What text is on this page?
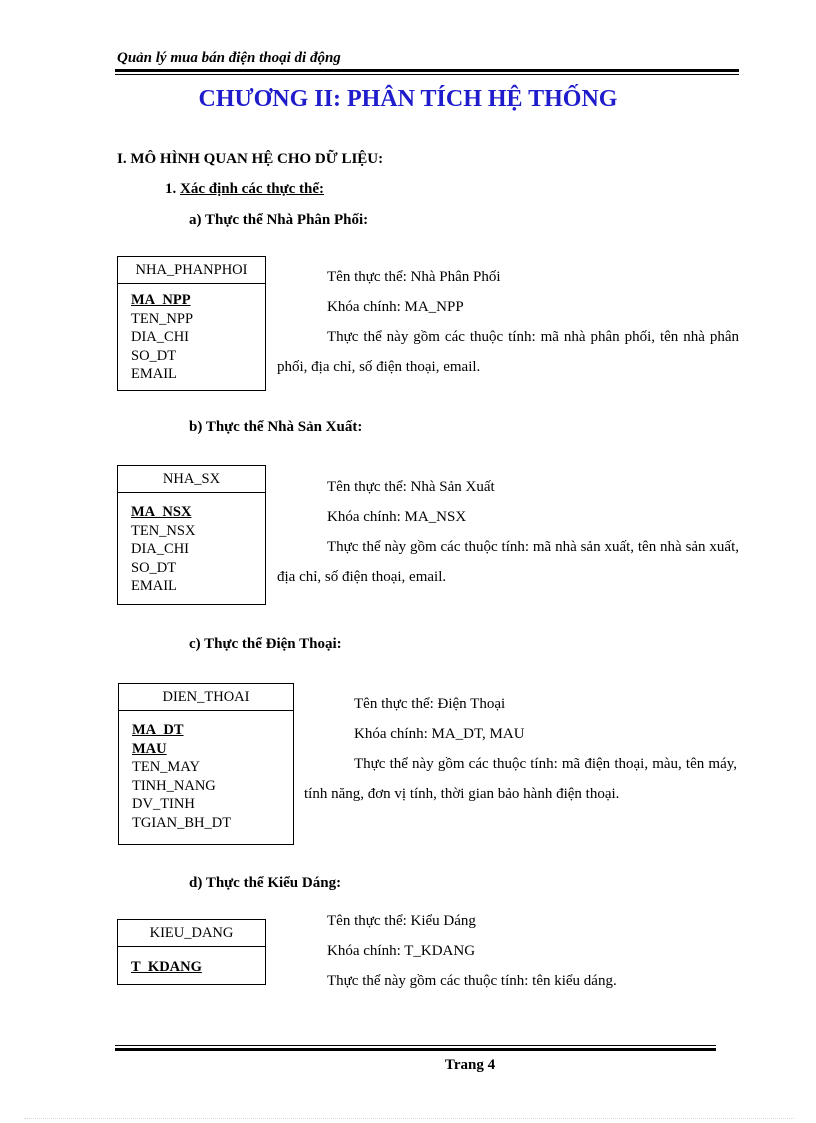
Quản lý mua bán điện thoại di động
CHƯƠNG II: PHÂN TÍCH HỆ THỐNG
I. MÔ HÌNH QUAN HỆ CHO DỮ LIỆU:
1. Xác định các thực thể:
a) Thực thể Nhà Phân Phối:
NHA_PHANPHOI
MA_NPP
TEN_NPP
DIA_CHI
SO_DT
EMAIL

Tên thực thể: Nhà Phân Phối

Khóa chính: MA_NPP

Thực thể này gồm các thuộc tính: mã nhà phân phối, tên nhà phân phối, địa chỉ, số điện thoại, email.

b) Thực thể Nhà Sản Xuất:
NHA_SX
MA_NSX
TEN_NSX
DIA_CHI
SO_DT
EMAIL

Tên thực thể: Nhà Sản Xuất

Khóa chính: MA_NSX

Thực thể này gồm các thuộc tính: mã nhà sản xuất, tên nhà sản xuất, địa chỉ, số điện thoại, email.

c) Thực thể Điện Thoại:
DIEN_THOAI
MA_DT
MAU
TEN_MAY
TINH_NANG
DV_TINH
TGIAN_BH_DT

Tên thực thể: Điện Thoại

Khóa chính: MA_DT, MAU

Thực thể này gồm các thuộc tính: mã điện thoại, màu, tên máy, tính năng, đơn vị tính, thời gian bảo hành điện thoại.

d) Thực thể Kiểu Dáng:
KIEU_DANG
T_KDANG

Tên thực thể: Kiểu Dáng

Khóa chính: T_KDANG

Thực thể này gồm các thuộc tính: tên kiểu dáng.

Trang 4
